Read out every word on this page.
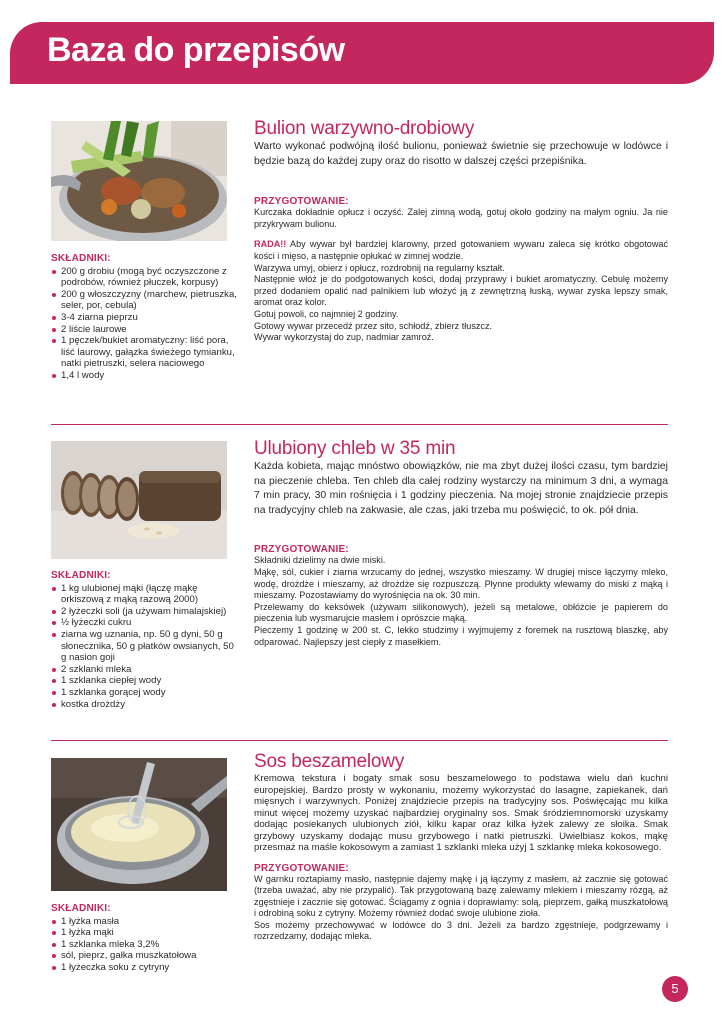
Baza do przepisów
SKŁADNIKI:
200 g drobiu (mogą być oczyszczone z podrobów, również płuczek, korpusy)
200 g włoszczyzny (marchew, pietruszka, seler, por, cebula)
3-4 ziarna pieprzu
2 liście laurowe
1 pęczek/bukiet aromatyczny: liść pora, liść laurowy, gałązka świeżego tymianku, natki pietruszki, selera naciowego
1,4 l wody
Bulion warzywno-drobiowy

Warto wykonać podwójną ilość bulionu, ponieważ świetnie się przechowuje w lodówce i będzie bazą do każdej zupy oraz do risotto w dalszej części przepiśnika.

PRZYGOTOWANIE:

Kurczaka dokładnie opłucz i oczyść. Zalej zimną wodą, gotuj około godziny na małym ogniu. Ja nie przykrywam bulionu.

RADA!! Aby wywar był bardziej klarowny, przed gotowaniem wywaru zaleca się krótko obgotować kości i mięso, a następnie opłukać w zimnej wodzie.

Warzywa umyj, obierz i opłucz, rozdrobnij na regularny kształt.

Następnie włóż je do podgotowanych kości, dodaj przyprawy i bukiet aromatyczny. Cebulę możemy przed dodaniem opalić nad palnikiem lub włożyć ją z zewnętrzną łuską, wywar zyska lepszy smak, aromat oraz kolor.

Gotuj powoli, co najmniej 2 godziny.

Gotowy wywar przecedź przez sito, schłodź, zbierz tłuszcz.

Wywar wykorzystaj do zup, nadmiar zamroź.

SKŁADNIKI:
1 kg ulubionej mąki (łączę mąkę orkiszową z mąką razową 2000)
2 łyżeczki soli (ja używam himalajskiej)
½ łyżeczki cukru
ziarna wg uznania, np. 50 g dyni, 50 g słonecznika, 50 g płatków owsianych, 50 g nasion goji
2 szklanki mleka
1 szklanka ciepłej wody
1 szklanka gorącej wody
kostka drożdży
Ulubiony chleb w 35 min

Każda kobieta, mając mnóstwo obowiązków, nie ma zbyt dużej ilości czasu, tym bardziej na pieczenie chleba. Ten chleb dla całej rodziny wystarczy na minimum 3 dni, a wymaga 7 min pracy, 30 min rośnięcia i 1 godziny pieczenia. Na mojej stronie znajdziecie przepis na tradycyjny chleb na zakwasie, ale czas, jaki trzeba mu poświęcić, to ok. pół dnia.

PRZYGOTOWANIE:

Składniki dzielimy na dwie miski.

Mąkę, sól, cukier i ziarna wrzucamy do jednej, wszystko mieszamy. W drugiej misce łączymy mleko, wodę, drożdże i mieszamy, aż drożdże się rozpuszczą. Płynne produkty wlewamy do miski z mąką i mieszamy. Pozostawiamy do wyrośnięcia na ok. 30 min.

Przelewamy do keksówek (używam silikonowych), jeżeli są metalowe, obłóżcie je papierem do pieczenia lub wysmarujcie masłem i oprószcie mąką.

Pieczemy 1 godzinę w 200 st. C, lekko studzimy i wyjmujemy z foremek na rusztową blaszkę, aby odparować. Najlepszy jest ciepły z masełkiem.

SKŁADNIKI:
1 łyżka masła
1 łyżka mąki
1 szklanka mleka 3,2%
sól, pieprz, gałka muszkatołowa
1 łyżeczka soku z cytryny
Sos beszamelowy

Kremowa tekstura i bogaty smak sosu beszamelowego to podstawa wielu dań kuchni europejskiej. Bardzo prosty w wykonaniu, możemy wykorzystać do lasagne, zapiekanek, dań mięsnych i warzywnych. Poniżej znajdziecie przepis na tradycyjny sos. Poświęcając mu kilka minut więcej możemy uzyskać najbardziej oryginalny sos. Smak śródziemnomorski uzyskamy dodając posiekanych ulubionych ziół, kilku kapar oraz kilka łyżek zalewy ze słoika. Smak grzybowy uzyskamy dodając musu grzybowego i natki pietruszki. Uwielbiasz kokos, mąkę przesmaż na maśle kokosowym a zamiast 1 szklanki mleka użyj 1 szklankę mleka kokosowego.

PRZYGOTOWANIE:

W garnku roztapiamy masło, następnie dajemy mąkę i ją łączymy z masłem, aż zacznie się gotować (trzeba uważać, aby nie przypalić). Tak przygotowaną bazę zalewamy mlekiem i mieszamy rózgą, aż zgęstnieje i zacznie się gotować. Ściągamy z ognia i doprawiamy: solą, pieprzem, gałką muszkatołową i odrobiną soku z cytryny. Możemy również dodać swoje ulubione zioła.

Sos możemy przechowywać w lodówce do 3 dni. Jeżeli za bardzo zgęstnieje, podgrzewamy i rozrzedzamy, dodając mleka.

5
